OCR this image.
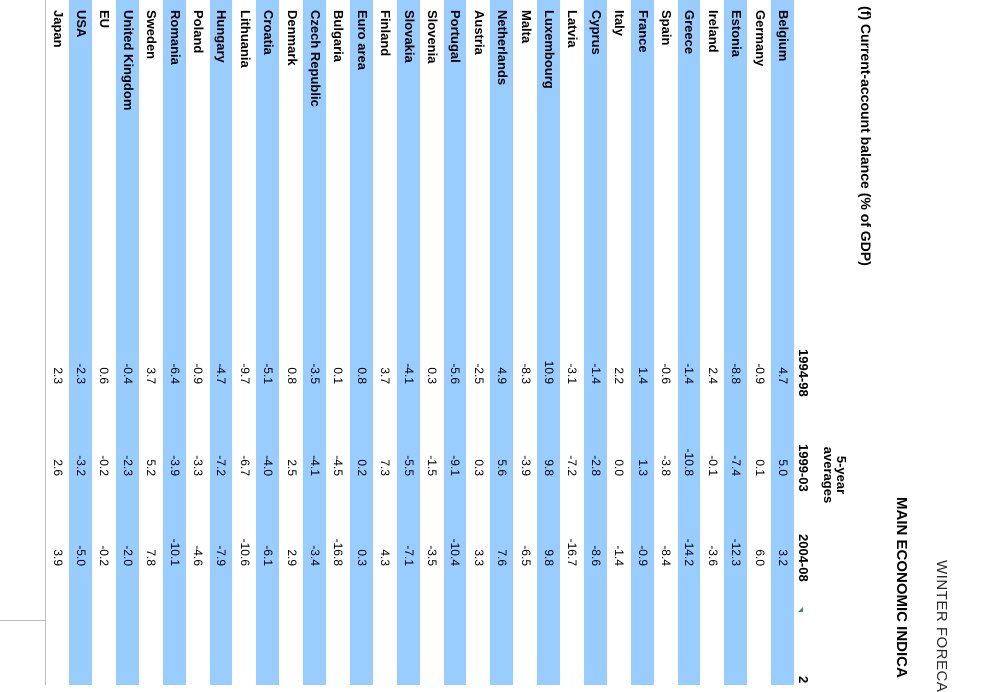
WINTER FORECA
MAIN ECONOMIC INDICA
(f) Current-account balance (% of GDP)
5-year
averages
1994-98
1999-03
2004-08
2
Belgium
4.7
5.0
3.2
Germany
-0.9
0.1
6.0
Estonia
-8.8
-7.4
-12.3
Ireland
2.4
-0.1
-3.6
Greece
-1.4
-10.8
-14.2
Spain
-0.6
-3.8
-8.4
France
1.4
1.3
-0.9
Italy
2.2
0.0
-1.4
Cyprus
-1.4
-2.8
-8.6
Latvia
-3.1
-7.2
-16.7
Luxembourg
10.9
9.8
9.8
Malta
-8.3
-3.9
-6.5
Netherlands
4.9
5.6
7.6
Austria
-2.5
0.3
3.3
Portugal
-5.6
-9.1
-10.4
Slovenia
0.3
-1.5
-3.5
Slovakia
-4.1
-5.5
-7.1
Finland
3.7
7.3
4.3
Euro area
0.8
0.2
0.3
Bulgaria
0.1
-4.5
-16.8
Czech Republic
-3.5
-4.1
-3.4
Denmark
0.8
2.5
2.9
Croatia
-5.1
-4.0
-6.1
Lithuania
-9.7
-6.7
-10.6
Hungary
-4.7
-7.2
-7.9
Poland
-0.9
-3.3
-4.6
Romania
-6.4
-3.9
-10.1
Sweden
3.7
5.2
7.8
United Kingdom
-0.4
-2.3
-2.0
EU
0.6
-0.2
-0.2
USA
-2.3
-3.2
-5.0
Japan
2.3
2.6
3.9
